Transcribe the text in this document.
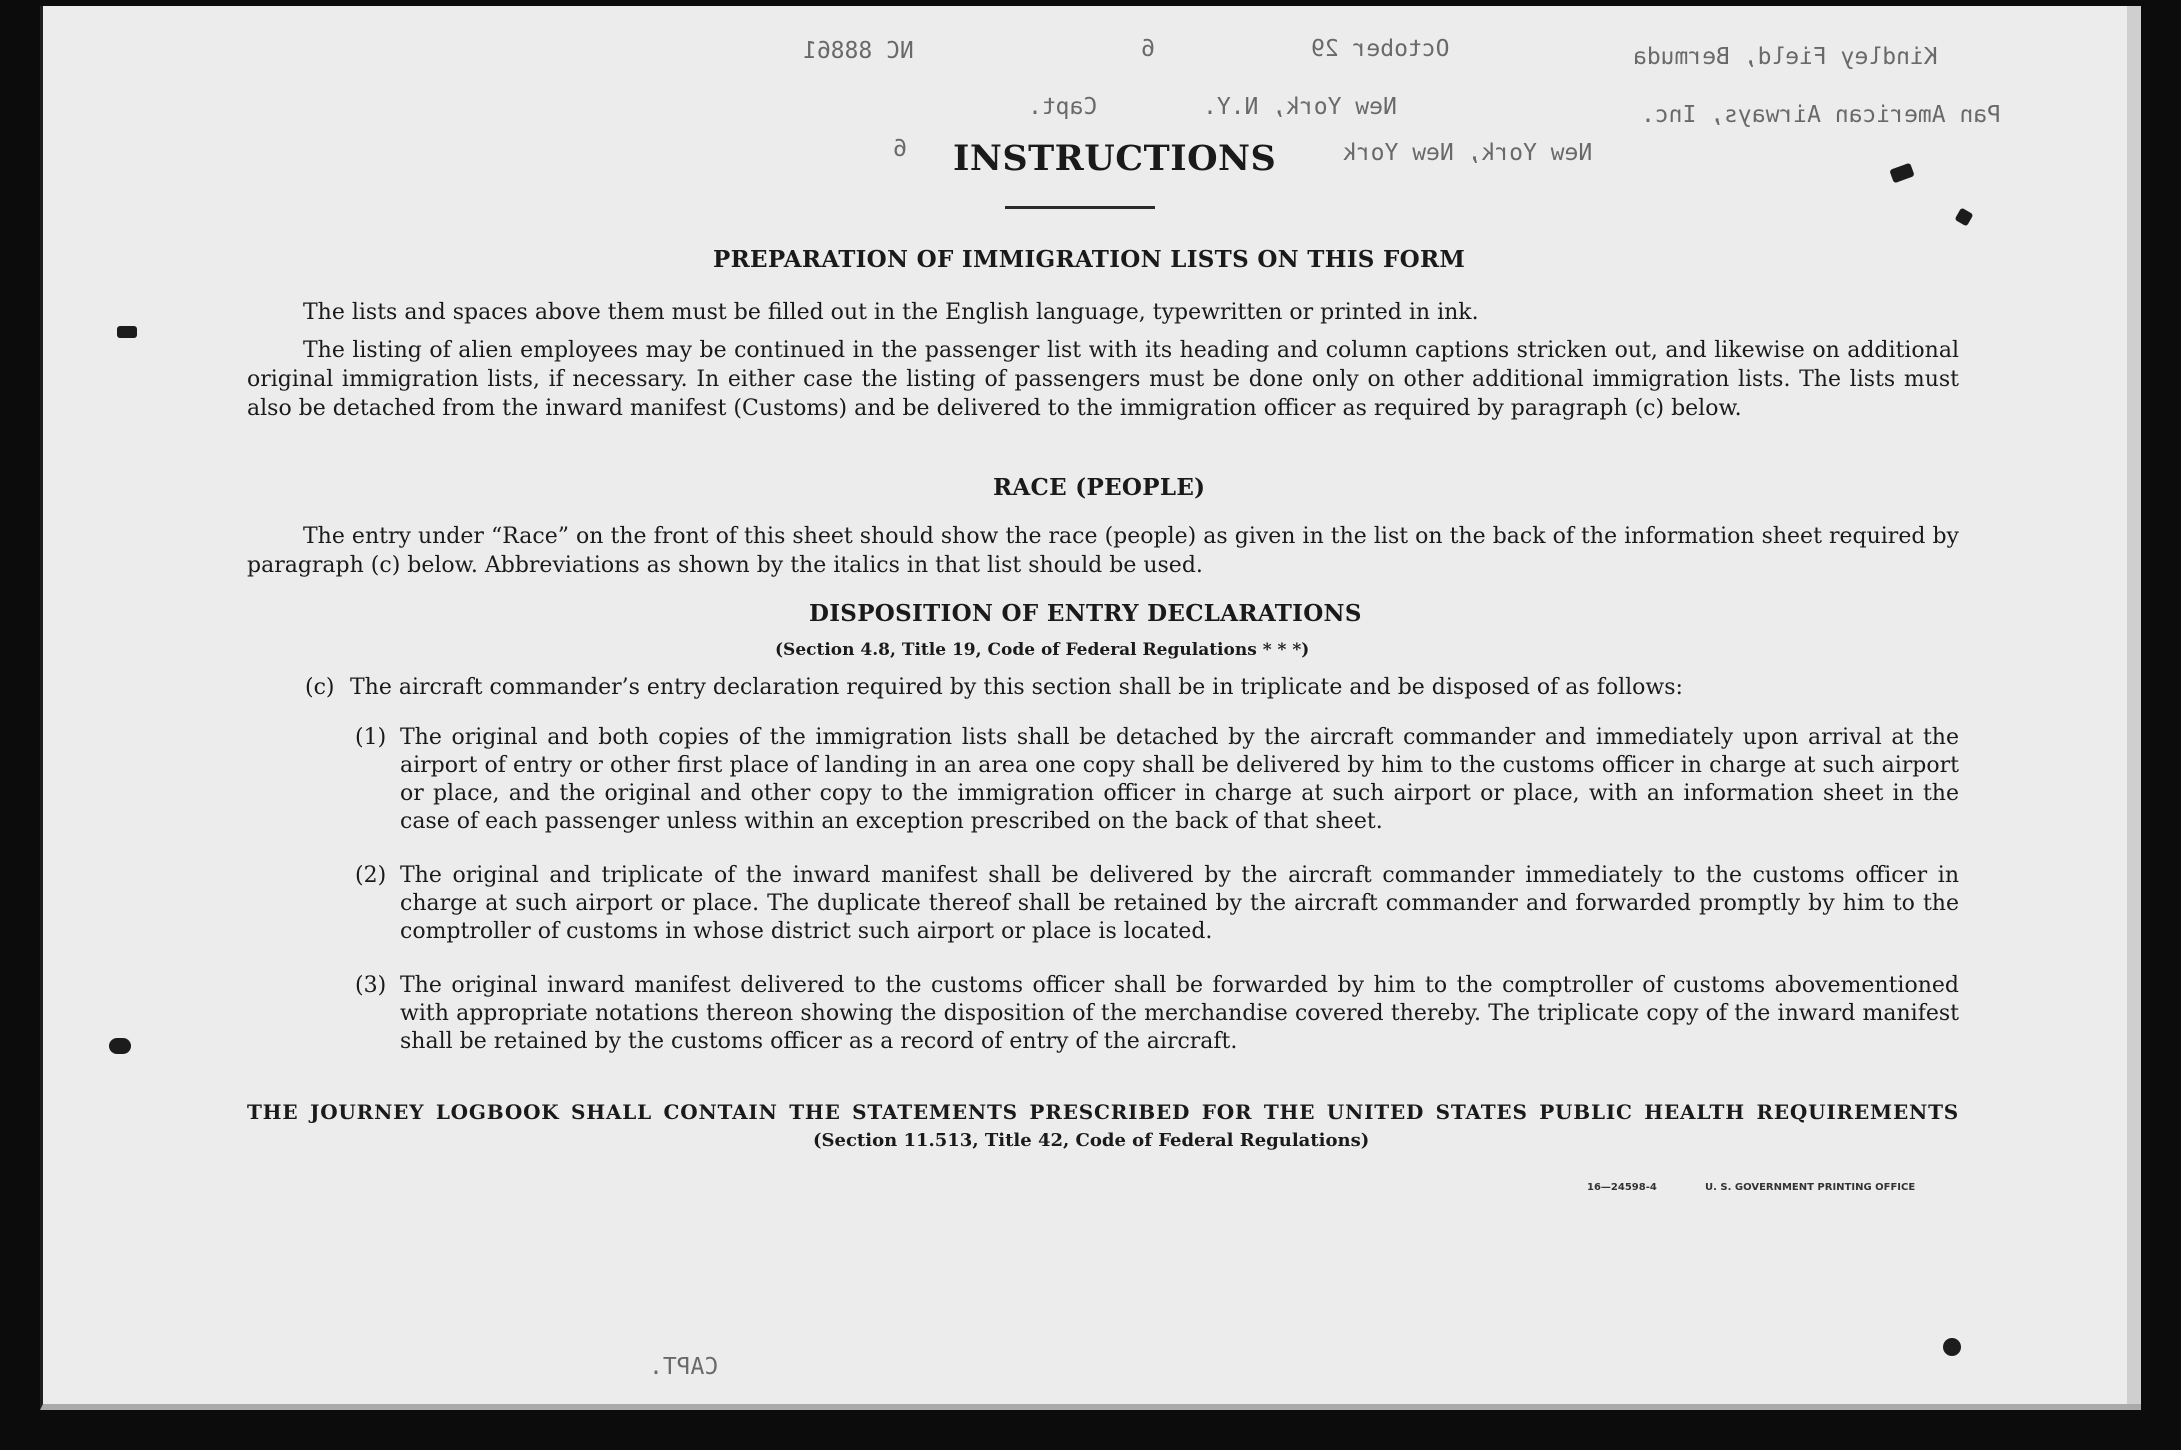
Kindley Field, Bermuda
October 29
6
NC 88861
Pan American Airways, Inc.
New York, N.Y.
Capt.
New York, New York
6
CAPT.
INSTRUCTIONS
PREPARATION OF IMMIGRATION LISTS ON THIS FORM
The lists and spaces above them must be filled out in the English language, typewritten or printed in ink.
The listing of alien employees may be continued in the passenger list with its heading and column captions stricken out, and likewise on additional original immigration lists, if necessary. In either case the listing of passengers must be done only on other additional immigration lists. The lists must also be detached from the inward manifest (Customs) and be delivered to the immigration officer as required by paragraph (c) below.
RACE (PEOPLE)
The entry under “Race” on the front of this sheet should show the race (people) as given in the list on the back of the information sheet required by paragraph (c) below. Abbreviations as shown by the italics in that list should be used.
DISPOSITION OF ENTRY DECLARATIONS
(Section 4.8, Title 19, Code of Federal Regulations * * *)
(c) The aircraft commander’s entry declaration required by this section shall be in triplicate and be disposed of as follows:
(1) The original and both copies of the immigration lists shall be detached by the aircraft commander and immediately upon arrival at the airport of entry or other first place of landing in an area one copy shall be delivered by him to the customs officer in charge at such airport or place, and the original and other copy to the immigration officer in charge at such airport or place, with an information sheet in the case of each passenger unless within an exception prescribed on the back of that sheet.
(2) The original and triplicate of the inward manifest shall be delivered by the aircraft commander immediately to the customs officer in charge at such airport or place. The duplicate thereof shall be retained by the aircraft commander and forwarded promptly by him to the comptroller of customs in whose district such airport or place is located.
(3) The original inward manifest delivered to the customs officer shall be forwarded by him to the comptroller of customs abovementioned with appropriate notations thereon showing the disposition of the merchandise covered thereby. The triplicate copy of the inward manifest shall be retained by the customs officer as a record of entry of the aircraft.
THE JOURNEY LOGBOOK SHALL CONTAIN THE STATEMENTS PRESCRIBED FOR THE UNITED STATES PUBLIC HEALTH REQUIREMENTS
(Section 11.513, Title 42, Code of Federal Regulations)
16—24598-4	U. S. GOVERNMENT PRINTING OFFICE
